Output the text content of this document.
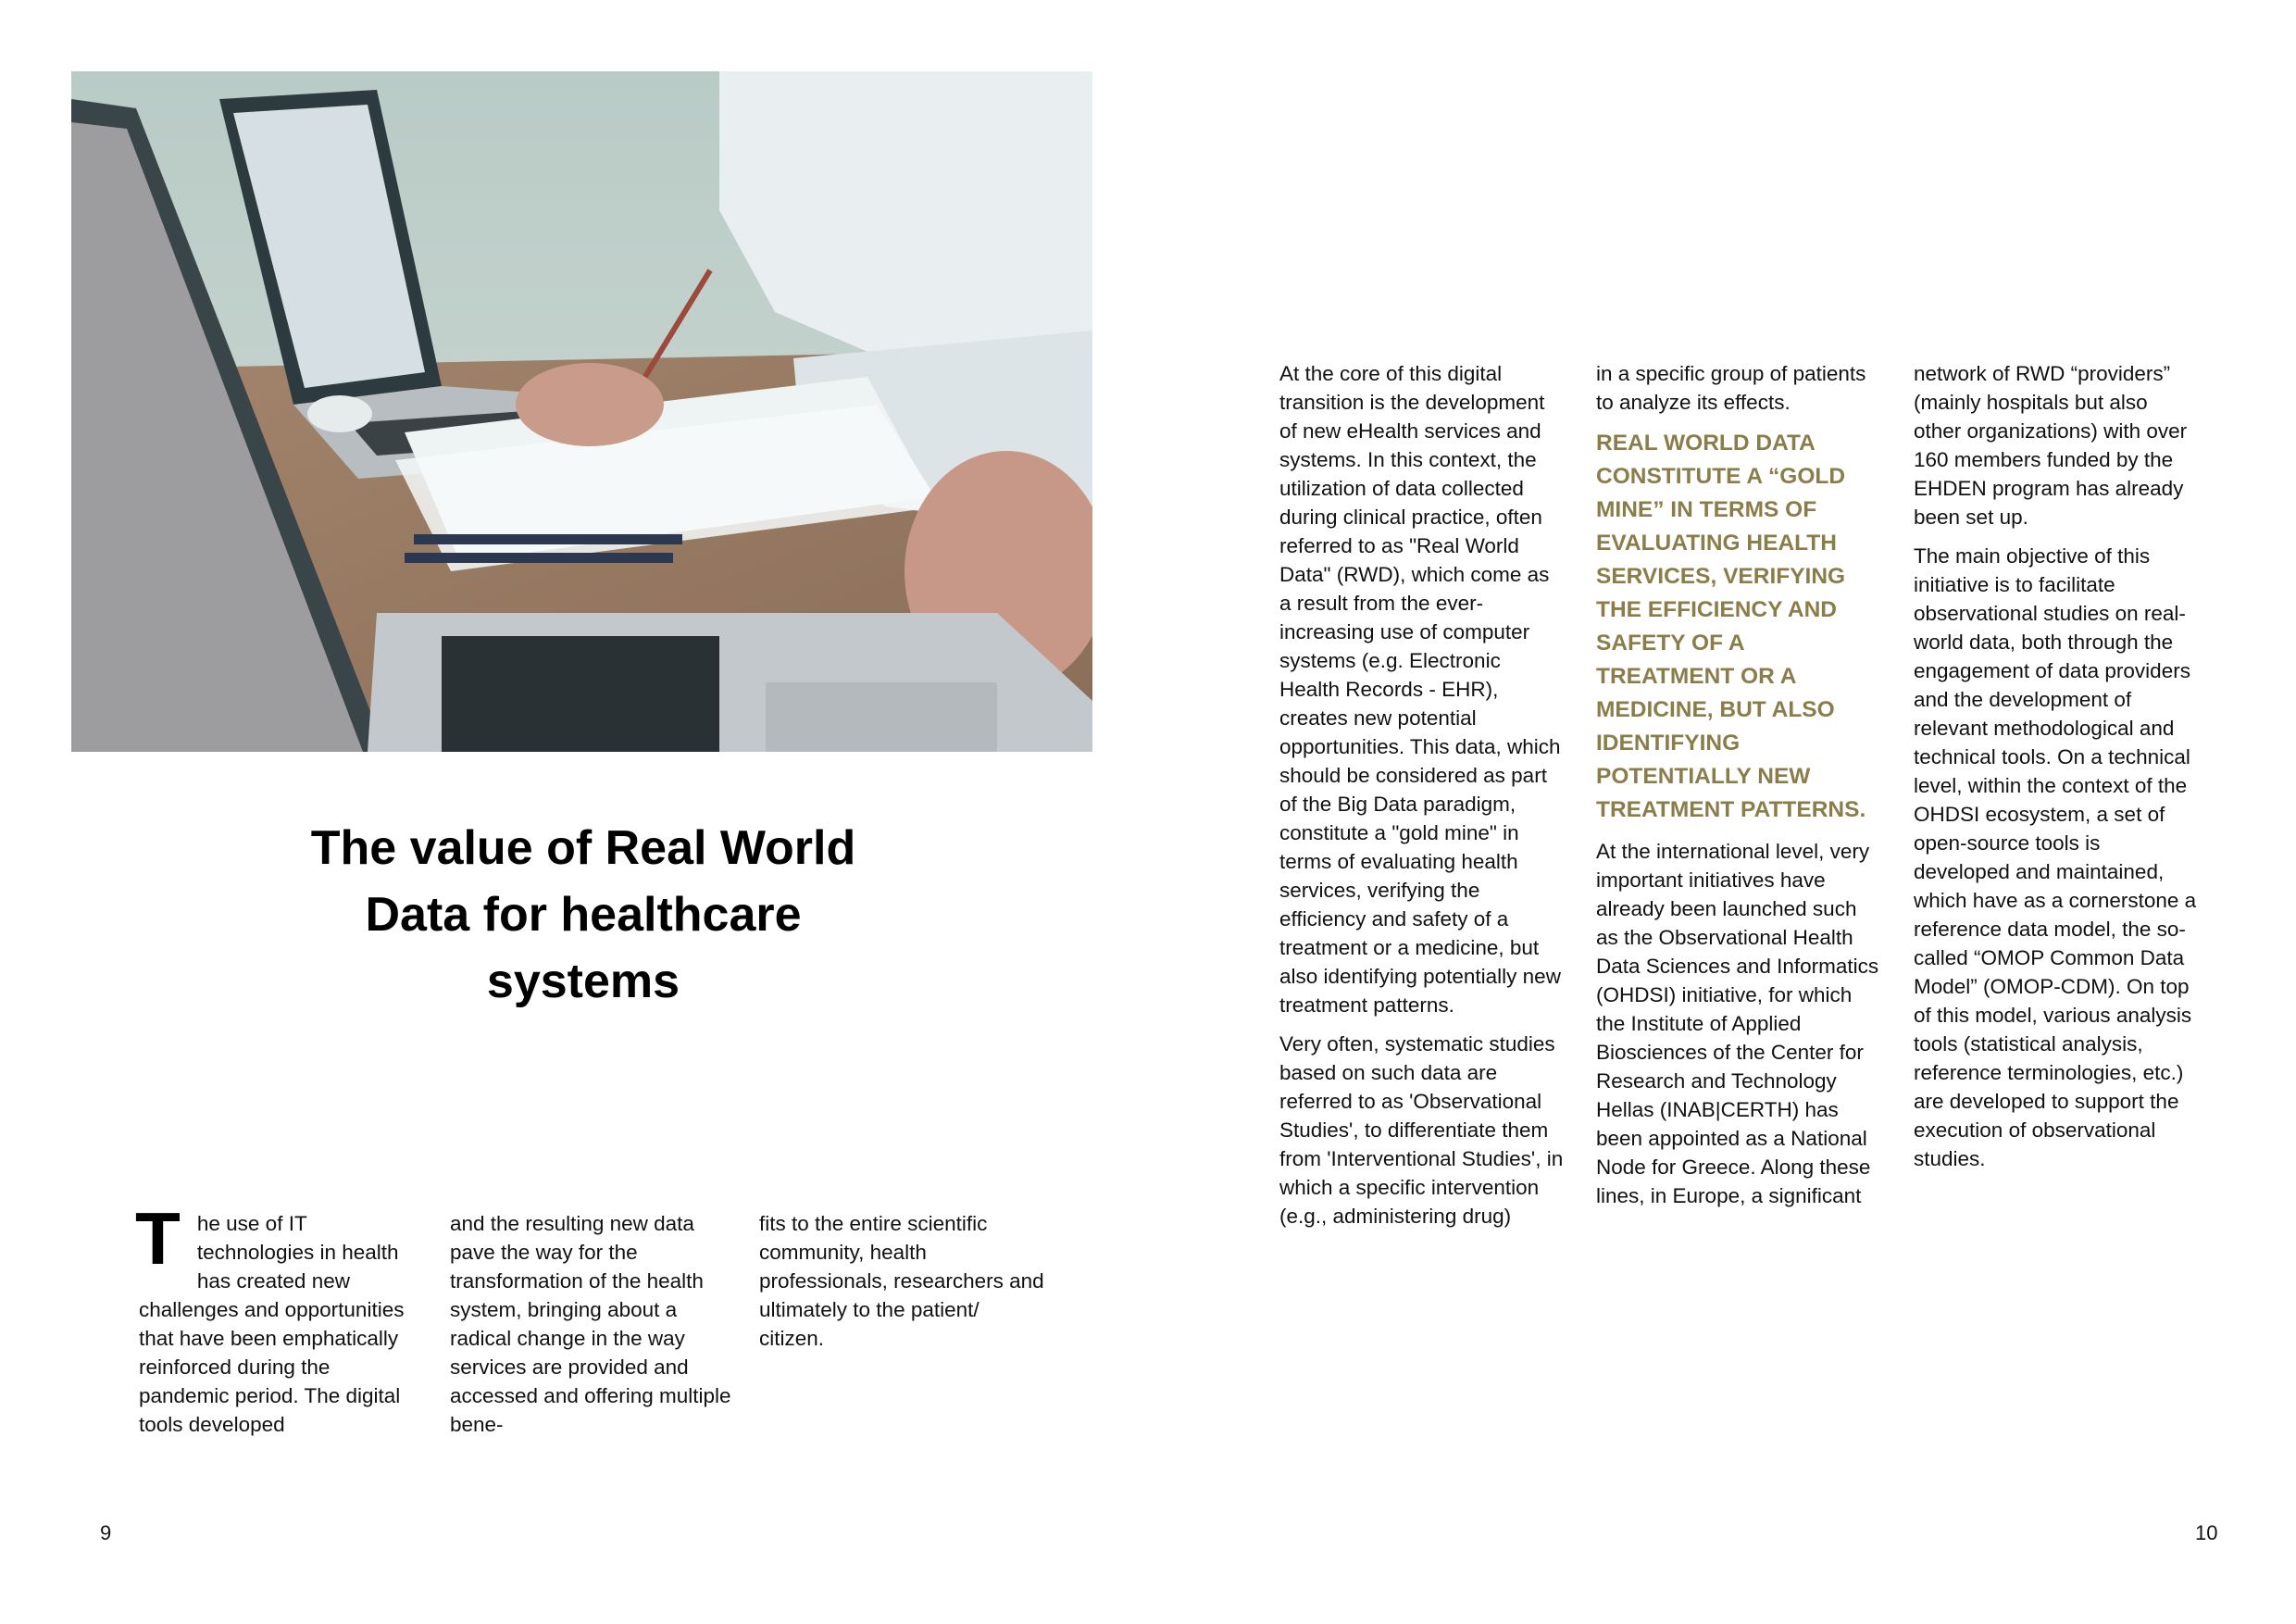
The value of Real World Data for healthcare systems
T he use of IT technologies in health has created new challenges and opportunities that have been emphatically reinforced during the pandemic period. The digital tools developed
and the resulting new data pave the way for the transformation of the health system, bringing about a radical change in the way services are provided and accessed and offering multiple bene-
fits to the entire scientific community, health professionals, researchers and ultimately to the patient/ citizen.
9

At the core of this digital transition is the development of new eHealth services and systems. In this context, the utilization of data collected during clinical practice, often referred to as "Real World Data" (RWD), which come as a result from the ever-increasing use of computer systems (e.g. Electronic Health Records - EHR), creates new potential opportunities. This data, which should be considered as part of the Big Data paradigm, constitute a "gold mine" in terms of evaluating health services, verifying the efficiency and safety of a treatment or a medicine, but also identifying potentially new treatment patterns.

Very often, systematic studies based on such data are referred to as 'Observational Studies', to differentiate them from 'Interventional Studies', in which a specific intervention (e.g., administering drug)

in a specific group of patients to analyze its effects.

REAL WORLD DATA CONSTITUTE A “GOLD MINE” IN TERMS OF EVALUATING HEALTH SERVICES, VERIFYING THE EFFICIENCY AND SAFETY OF A TREATMENT OR A MEDICINE, BUT ALSO IDENTIFYING POTENTIALLY NEW TREATMENT PATTERNS.

At the international level, very important initiatives have already been launched such as the Observational Health Data Sciences and Informatics (OHDSI) initiative, for which the Institute of Applied Biosciences of the Center for Research and Technology Hellas (INAB|CERTH) has been appointed as a National Node for Greece. Along these lines, in Europe, a significant

network of RWD “providers” (mainly hospitals but also other organizations) with over 160 members funded by the EHDEN program has already been set up.

The main objective of this initiative is to facilitate observational studies on real-world data, both through the engagement of data providers and the development of relevant methodological and technical tools. On a technical level, within the context of the OHDSI ecosystem, a set of open-source tools is developed and maintained, which have as a cornerstone a reference data model, the so-called “OMOP Common Data Model” (OMOP-CDM). On top of this model, various analysis tools (statistical analysis, reference terminologies, etc.) are developed to support the execution of observational studies.

10
